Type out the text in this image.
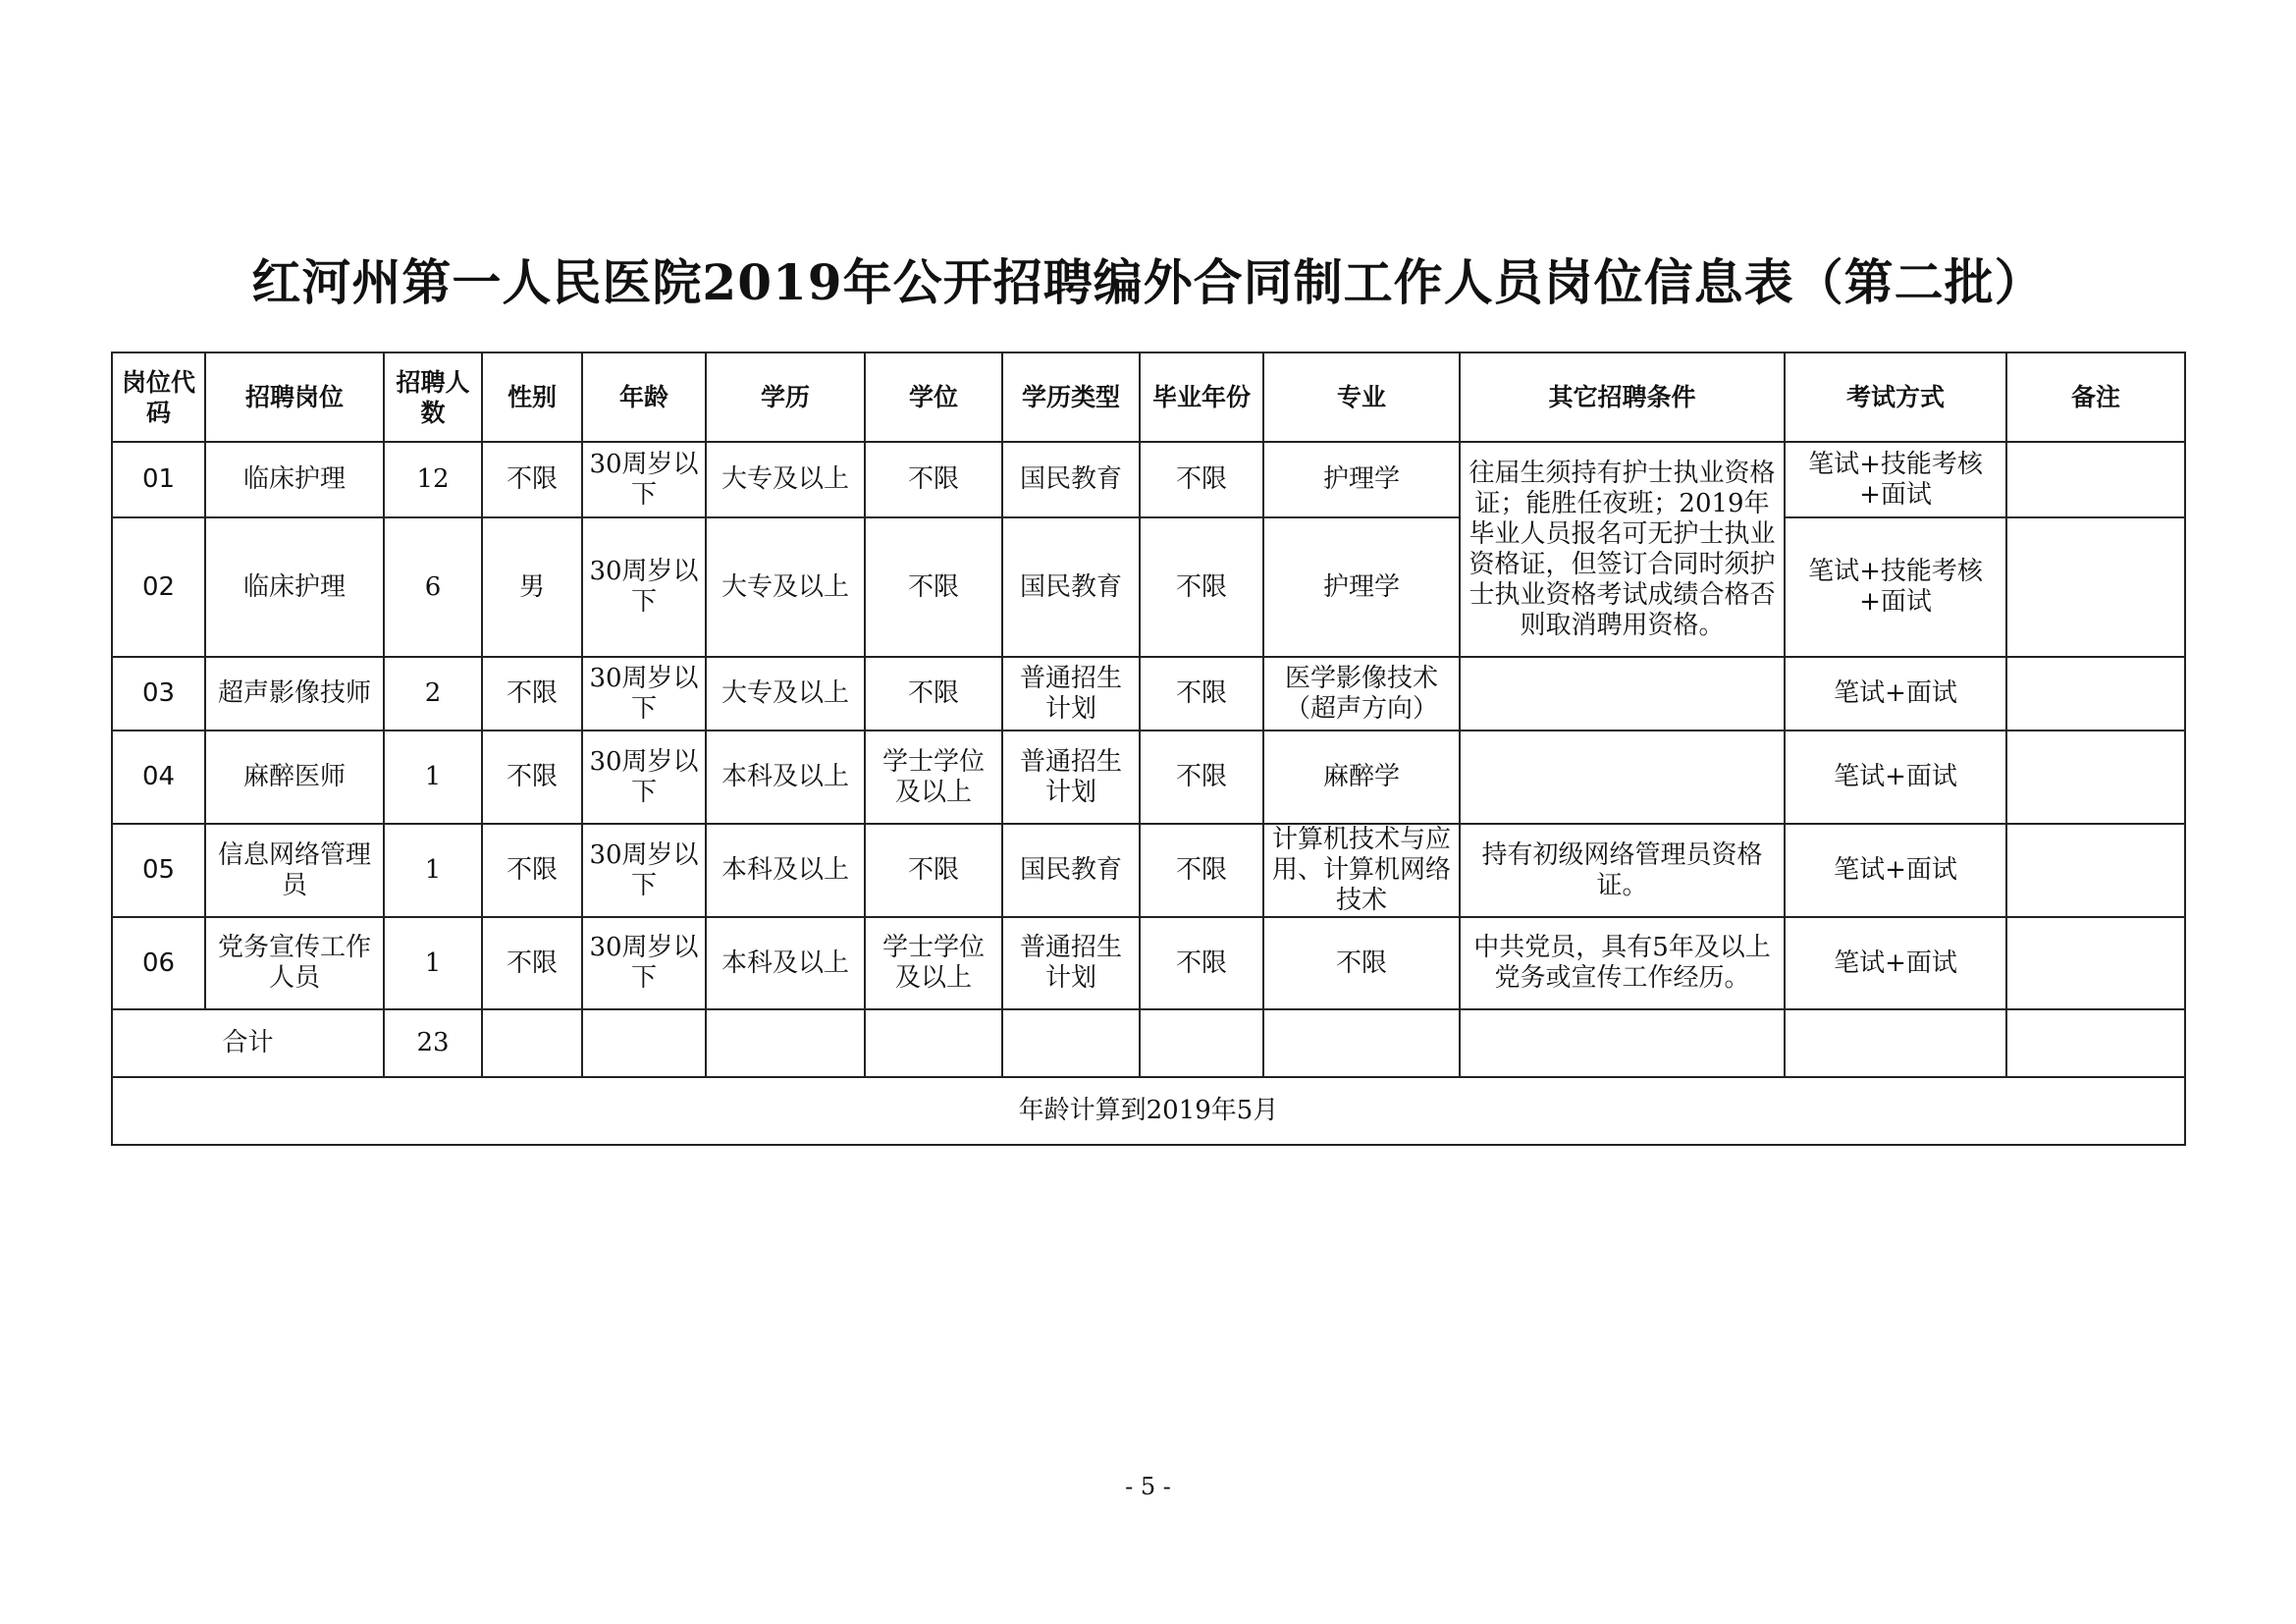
红河州第一人民医院2019年公开招聘编外合同制工作人员岗位信息表（第二批）
岗位代码	招聘岗位	招聘人数	性别	年龄	学历	学位	学历类型	毕业年份	专业	其它招聘条件	考试方式	备注
01	临床护理	12	不限	30周岁以下	大专及以上	不限	国民教育	不限	护理学	往届生须持有护士执业资格证；能胜任夜班；2019年毕业人员报名可无护士执业资格证，但签订合同时须护士执业资格考试成绩合格否则取消聘用资格。	笔试+技能考核+面试	
02	临床护理	6	男	30周岁以下	大专及以上	不限	国民教育	不限	护理学		笔试+技能考核+面试	
03	超声影像技师	2	不限	30周岁以下	大专及以上	不限	普通招生计划	不限	医学影像技术（超声方向）		笔试+面试	
04	麻醉医师	1	不限	30周岁以下	本科及以上	学士学位及以上	普通招生计划	不限	麻醉学		笔试+面试	
05	信息网络管理员	1	不限	30周岁以下	本科及以上	不限	国民教育	不限	计算机技术与应用、计算机网络技术	持有初级网络管理员资格证。	笔试+面试	
06	党务宣传工作人员	1	不限	30周岁以下	本科及以上	学士学位及以上	普通招生计划	不限	不限	中共党员，具有5年及以上党务或宣传工作经历。	笔试+面试	
合计		23										
年龄计算到2019年5月												
- 5 -
